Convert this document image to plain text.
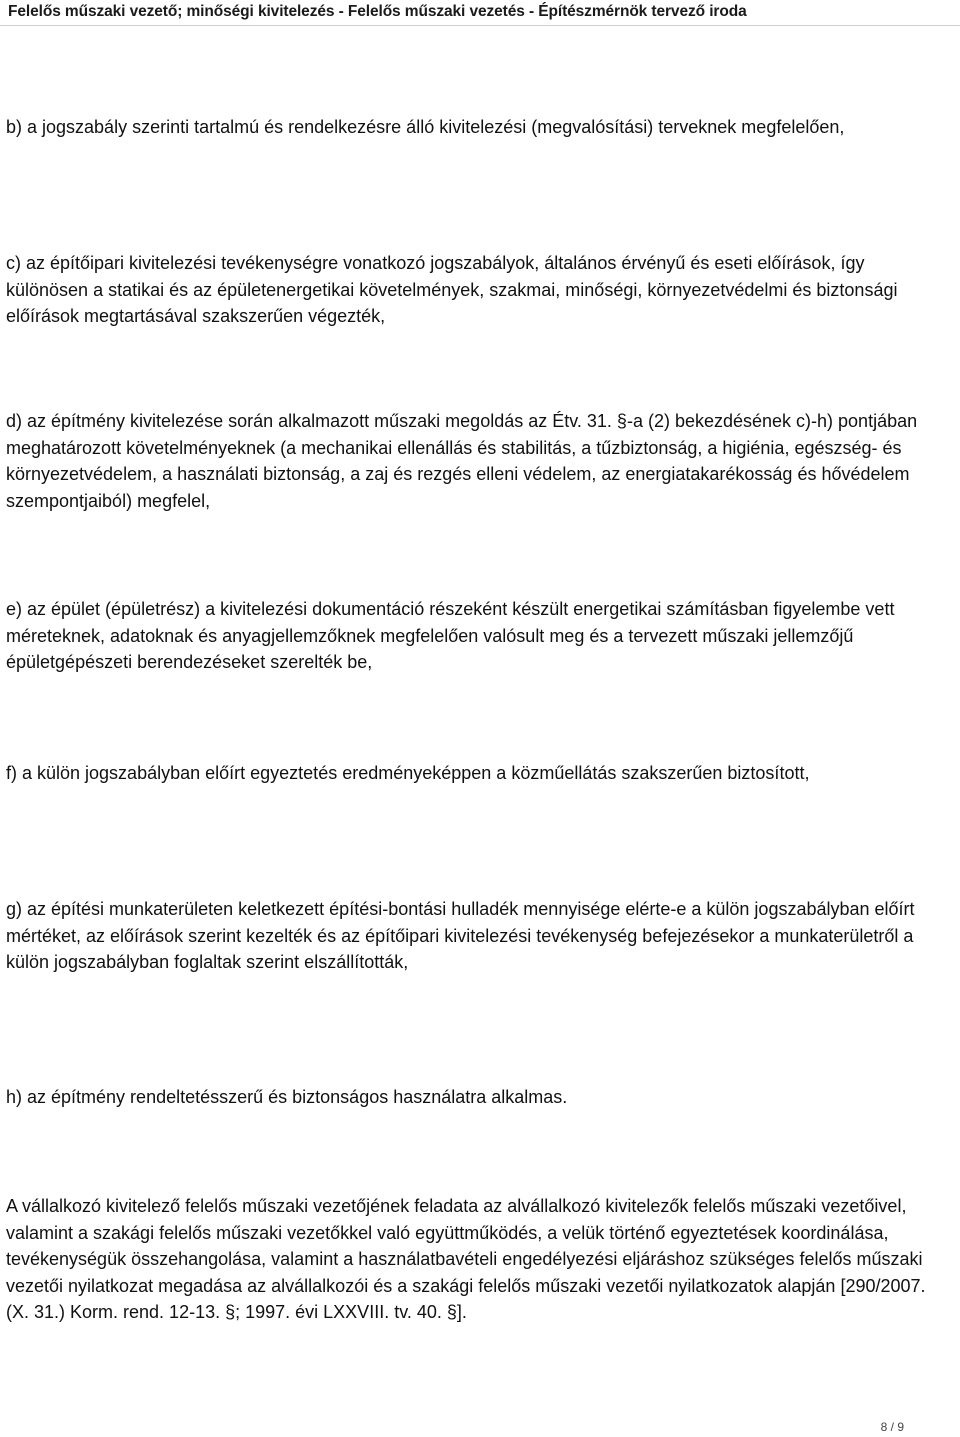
Felelős műszaki vezető; minőségi kivitelezés - Felelős műszaki vezetés - Építészmérnök tervező iroda

b) a jogszabály szerinti tartalmú és rendelkezésre álló kivitelezési (megvalósítási) terveknek megfelelően,

c) az építőipari kivitelezési tevékenységre vonatkozó jogszabályok, általános érvényű és eseti előírások, így különösen a statikai és az épületenergetikai követelmények, szakmai, minőségi, környezetvédelmi és biztonsági előírások megtartásával szakszerűen végezték,

d) az építmény kivitelezése során alkalmazott műszaki megoldás az Étv. 31. §-a (2) bekezdésének c)-h) pontjában meghatározott követelményeknek (a mechanikai ellenállás és stabilitás, a tűzbiztonság, a higiénia, egészség- és környezetvédelem, a használati biztonság, a zaj és rezgés elleni védelem, az energiatakarékosság és hővédelem szempontjaiból) megfelel,

e) az épület (épületrész) a kivitelezési dokumentáció részeként készült energetikai számításban figyelembe vett méreteknek, adatoknak és anyagjellemzőknek megfelelően valósult meg és a tervezett műszaki jellemzőjű épületgépészeti berendezéseket szerelték be,

f) a külön jogszabályban előírt egyeztetés eredményeképpen a közműellátás szakszerűen biztosított,

g) az építési munkaterületen keletkezett építési-bontási hulladék mennyisége elérte-e a külön jogszabályban előírt mértéket, az előírások szerint kezelték és az építőipari kivitelezési tevékenység befejezésekor a munkaterületről a külön jogszabályban foglaltak szerint elszállították,

h) az építmény rendeltetésszerű és biztonságos használatra alkalmas.

A vállalkozó kivitelező felelős műszaki vezetőjének feladata az alvállalkozó kivitelezők felelős műszaki vezetőivel, valamint a szakági felelős műszaki vezetőkkel való együttműködés, a velük történő egyeztetések koordinálása, tevékenységük összehangolása, valamint a használatbavételi engedélyezési eljáráshoz szükséges felelős műszaki vezetői nyilatkozat megadása az alvállalkozói és a szakági felelős műszaki vezetői nyilatkozatok alapján [290/2007. (X. 31.) Korm. rend. 12-13. §; 1997. évi LXXVIII. tv. 40. §].

8 / 9
